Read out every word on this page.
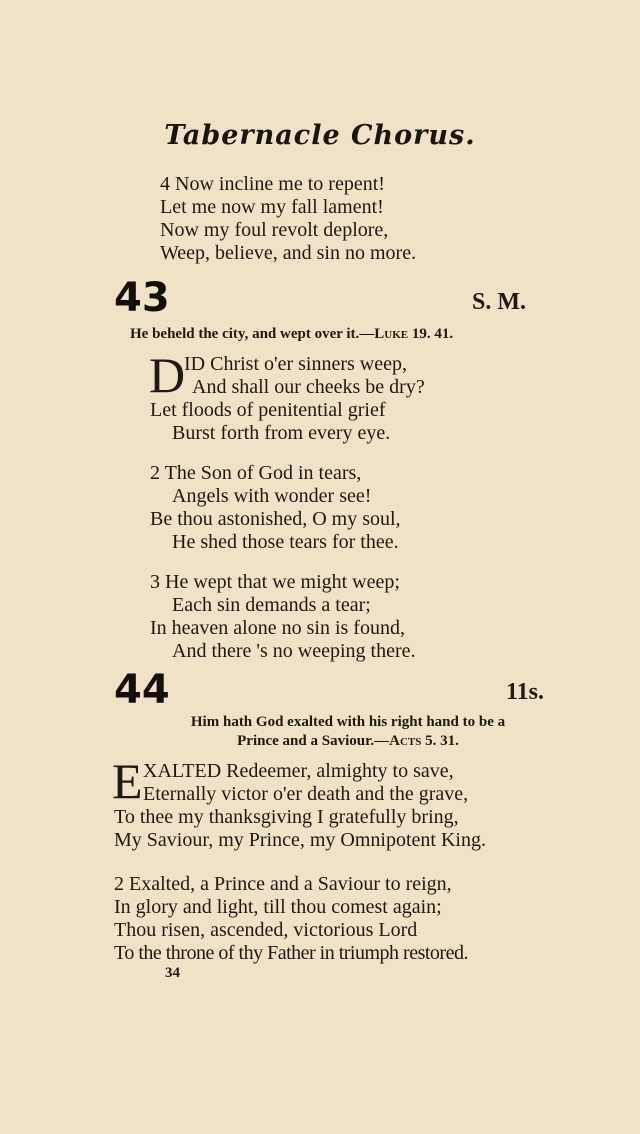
Tabernacle Chorus.
4 Now incline me to repent!
Let me now my fall lament!
Now my foul revolt deplore,
Weep, believe, and sin no more.
43	S. M.
He beheld the city, and wept over it.—Luke 19. 41.
D
ID Christ o'er sinners weep,
And shall our cheeks be dry?
Let floods of penitential grief
Burst forth from every eye.
2 The Son of God in tears,
Angels with wonder see!
Be thou astonished, O my soul,
He shed those tears for thee.
3 He wept that we might weep;
Each sin demands a tear;
In heaven alone no sin is found,
And there 's no weeping there.
44	11s.
Him hath God exalted with his right hand to be a
Prince and a Saviour.—Acts 5. 31.
E XALTED Redeemer, almighty to save,
Eternally victor o'er death and the grave,
To thee my thanksgiving I gratefully bring,
My Saviour, my Prince, my Omnipotent King.
2 Exalted, a Prince and a Saviour to reign,
In glory and light, till thou comest again;
Thou risen, ascended, victorious Lord
To the throne of thy Father in triumph restored.
34
